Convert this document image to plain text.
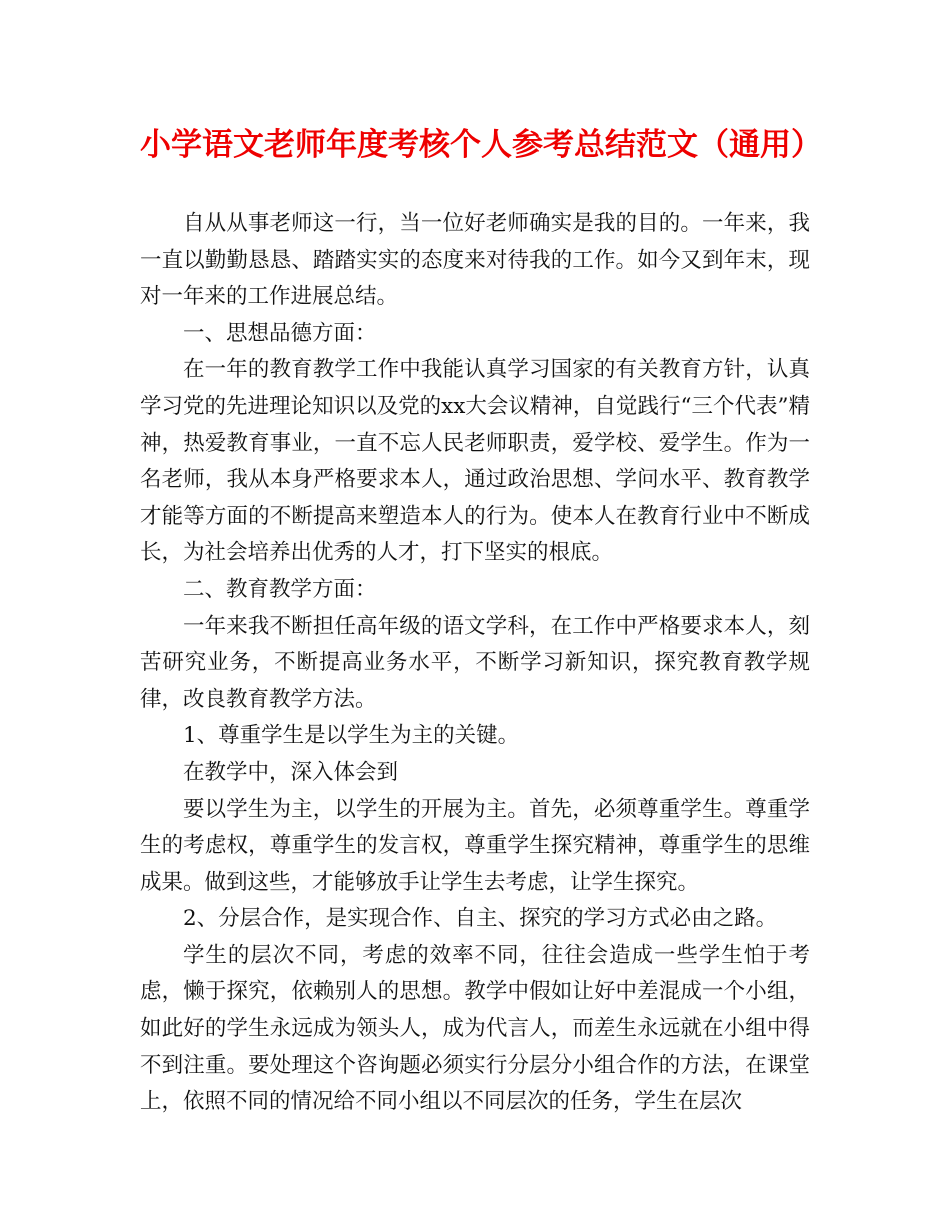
小学语文老师年度考核个人参考总结范文（通用）

自从从事老师这一行，当一位好老师确实是我的目的。一年来，我一直以勤勤恳恳、踏踏实实的态度来对待我的工作。如今又到年末，现对一年来的工作进展总结。

一、思想品德方面：

在一年的教育教学工作中我能认真学习国家的有关教育方针，认真学习党的先进理论知识以及党的xx大会议精神，自觉践行“三个代表”精神，热爱教育事业，一直不忘人民老师职责，爱学校、爱学生。作为一名老师，我从本身严格要求本人，通过政治思想、学问水平、教育教学才能等方面的不断提高来塑造本人的行为。使本人在教育行业中不断成长，为社会培养出优秀的人才，打下坚实的根底。

二、教育教学方面：

一年来我不断担任高年级的语文学科，在工作中严格要求本人，刻苦研究业务，不断提高业务水平，不断学习新知识，探究教育教学规律，改良教育教学方法。

1、尊重学生是以学生为主的关键。

在教学中，深入体会到

要以学生为主，以学生的开展为主。首先，必须尊重学生。尊重学生的考虑权，尊重学生的发言权，尊重学生探究精神，尊重学生的思维成果。做到这些，才能够放手让学生去考虑，让学生探究。

2、分层合作，是实现合作、自主、探究的学习方式必由之路。

学生的层次不同，考虑的效率不同，往往会造成一些学生怕于考虑，懒于探究，依赖别人的思想。教学中假如让好中差混成一个小组，如此好的学生永远成为领头人，成为代言人，而差生永远就在小组中得不到注重。要处理这个咨询题必须实行分层分小组合作的方法，在课堂上，依照不同的情况给不同小组以不同层次的任务，学生在层次
